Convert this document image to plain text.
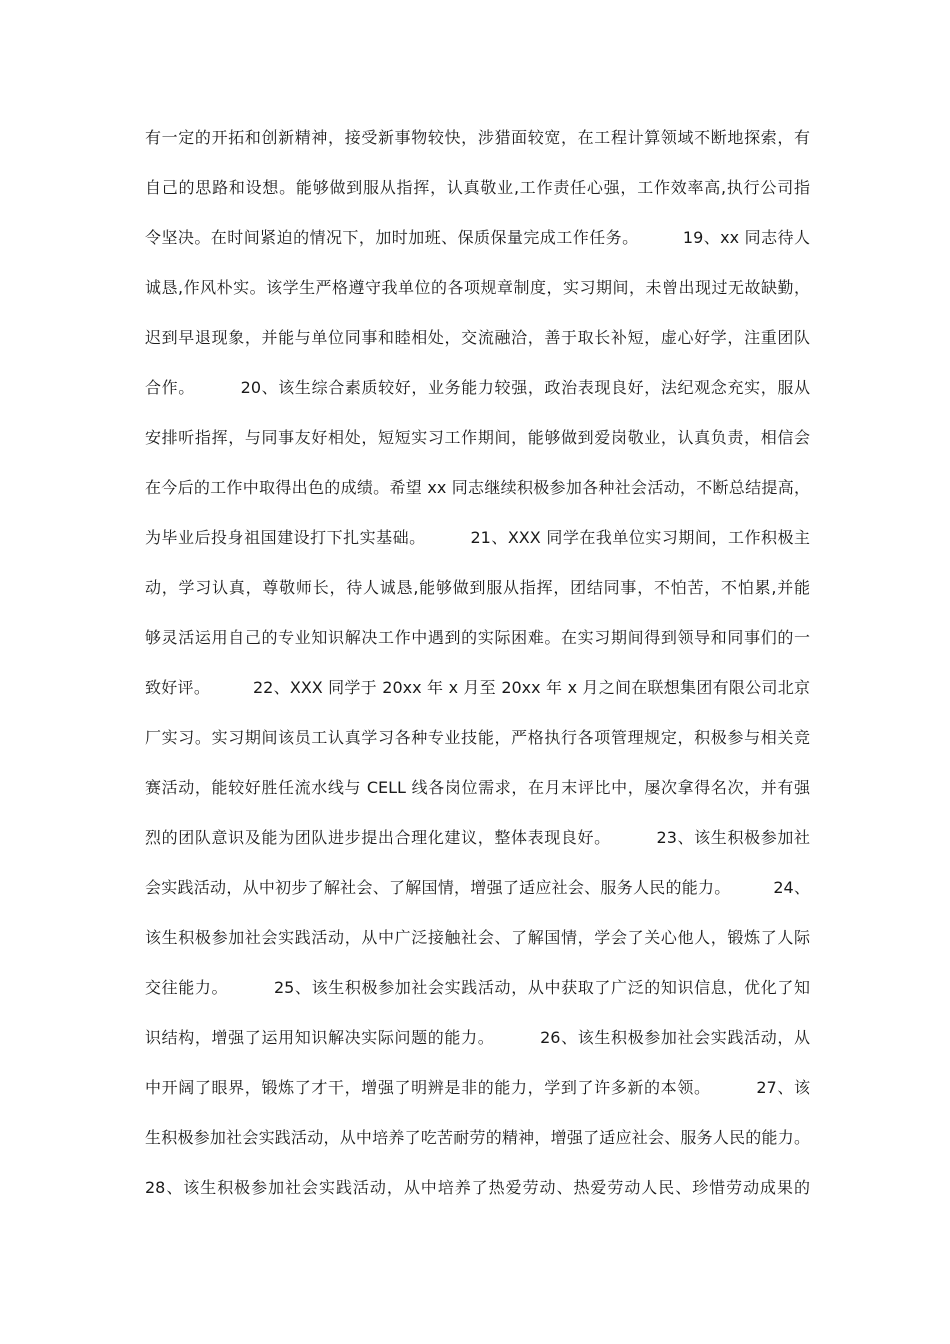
有一定的开拓和创新精神，接受新事物较快，涉猎面较宽，在工程计算领域不断地探索，有
自己的思路和设想。能够做到服从指挥，认真敬业,工作责任心强，工作效率高,执行公司指
令坚决。在时间紧迫的情况下，加时加班、保质保量完成工作任务。        19、xx 同志待人
诚恳,作风朴实。该学生严格遵守我单位的各项规章制度，实习期间，未曾出现过无故缺勤，
迟到早退现象，并能与单位同事和睦相处，交流融洽，善于取长补短，虚心好学，注重团队
合作。        20、该生综合素质较好，业务能力较强，政治表现良好，法纪观念充实，服从
安排听指挥，与同事友好相处，短短实习工作期间，能够做到爱岗敬业，认真负责，相信会
在今后的工作中取得出色的成绩。希望 xx 同志继续积极参加各种社会活动，不断总结提高，
为毕业后投身祖国建设打下扎实基础。        21、XXX 同学在我单位实习期间，工作积极主
动，学习认真，尊敬师长，待人诚恳,能够做到服从指挥，团结同事，不怕苦，不怕累,并能
够灵活运用自己的专业知识解决工作中遇到的实际困难。在实习期间得到领导和同事们的一
致好评。        22、XXX 同学于 20xx 年 x 月至 20xx 年 x 月之间在联想集团有限公司北京
厂实习。实习期间该员工认真学习各种专业技能，严格执行各项管理规定，积极参与相关竞
赛活动，能较好胜任流水线与 CELL 线各岗位需求，在月末评比中，屡次拿得名次，并有强
烈的团队意识及能为团队进步提出合理化建议，整体表现良好。        23、该生积极参加社
会实践活动，从中初步了解社会、了解国情，增强了适应社会、服务人民的能力。        24、
该生积极参加社会实践活动，从中广泛接触社会、了解国情，学会了关心他人，锻炼了人际
交往能力。        25、该生积极参加社会实践活动，从中获取了广泛的知识信息，优化了知
识结构，增强了运用知识解决实际问题的能力。        26、该生积极参加社会实践活动，从
中开阔了眼界，锻炼了才干，增强了明辨是非的能力，学到了许多新的本领。        27、该
生积极参加社会实践活动，从中培养了吃苦耐劳的精神，增强了适应社会、服务人民的能力。
28、该生积极参加社会实践活动，从中培养了热爱劳动、热爱劳动人民、珍惜劳动成果的
